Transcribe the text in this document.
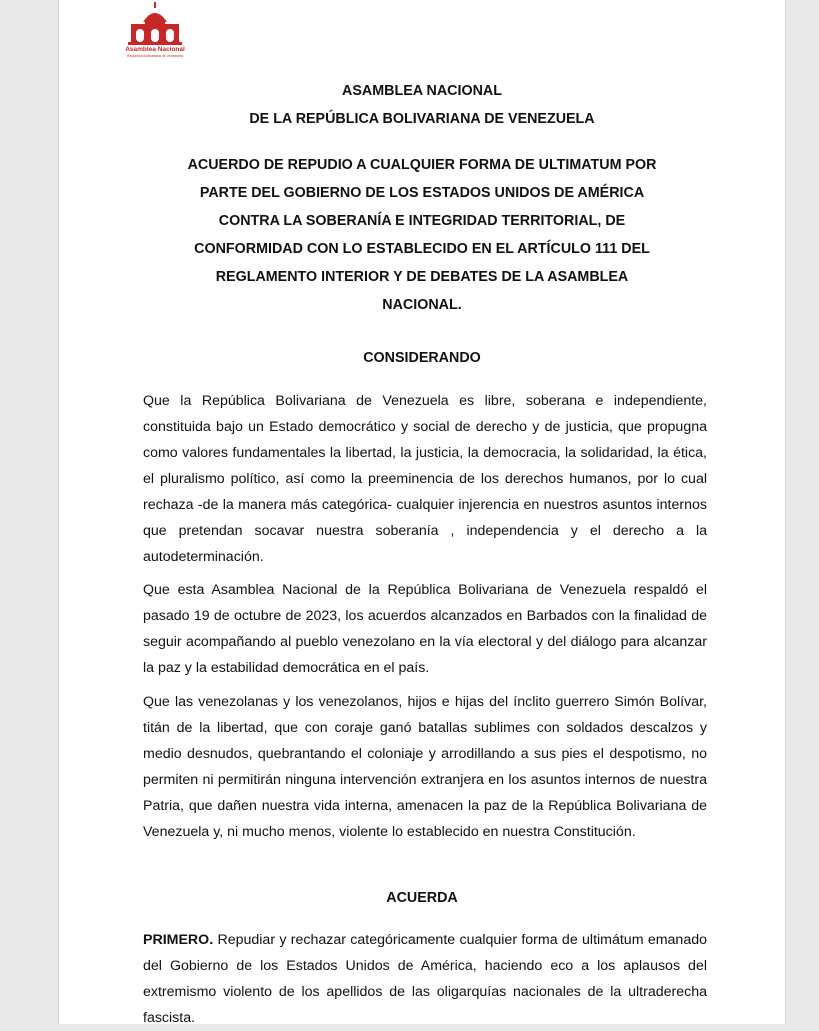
Asamblea Nacional
República Bolivariana de Venezuela
ASAMBLEA NACIONAL
DE LA REPÚBLICA BOLIVARIANA DE VENEZUELA
ACUERDO DE REPUDIO A CUALQUIER FORMA DE ULTIMATUM POR
PARTE DEL GOBIERNO DE LOS ESTADOS UNIDOS DE AMÉRICA
CONTRA LA SOBERANÍA E INTEGRIDAD TERRITORIAL, DE
CONFORMIDAD CON LO ESTABLECIDO EN EL ARTÍCULO 111 DEL
REGLAMENTO INTERIOR Y DE DEBATES DE LA ASAMBLEA
NACIONAL.
CONSIDERANDO
Que la República Bolivariana de Venezuela es libre, soberana e independiente, constituida bajo un Estado democrático y social de derecho y de justicia, que propugna como valores fundamentales la libertad, la justicia, la democracia, la solidaridad, la ética, el pluralismo político, así como la preeminencia de los derechos humanos, por lo cual rechaza -de la manera más categórica- cualquier injerencia en nuestros asuntos internos que pretendan socavar nuestra soberanía , independencia y el derecho a la autodeterminación.
Que esta Asamblea Nacional de la República Bolivariana de Venezuela respaldó el pasado 19 de octubre de 2023, los acuerdos alcanzados en Barbados con la finalidad de seguir acompañando al pueblo venezolano en la vía electoral y del diálogo para alcanzar la paz y la estabilidad democrática en el país.
Que las venezolanas y los venezolanos, hijos e hijas del ínclito guerrero Simón Bolívar, titán de la libertad, que con coraje ganó batallas sublimes con soldados descalzos y medio desnudos, quebrantando el coloniaje y arrodillando a sus pies el despotismo, no permiten ni permitirán ninguna intervención extranjera en los asuntos internos de nuestra Patria, que dañen nuestra vida interna, amenacen la paz de la República Bolivariana de Venezuela y, ni mucho menos, violente lo establecido en nuestra Constitución.
ACUERDA
PRIMERO. Repudiar y rechazar categóricamente cualquier forma de ultimátum emanado del Gobierno de los Estados Unidos de América, haciendo eco a los aplausos del extremismo violento de los apellidos de las oligarquías nacionales de la ultraderecha fascista.
